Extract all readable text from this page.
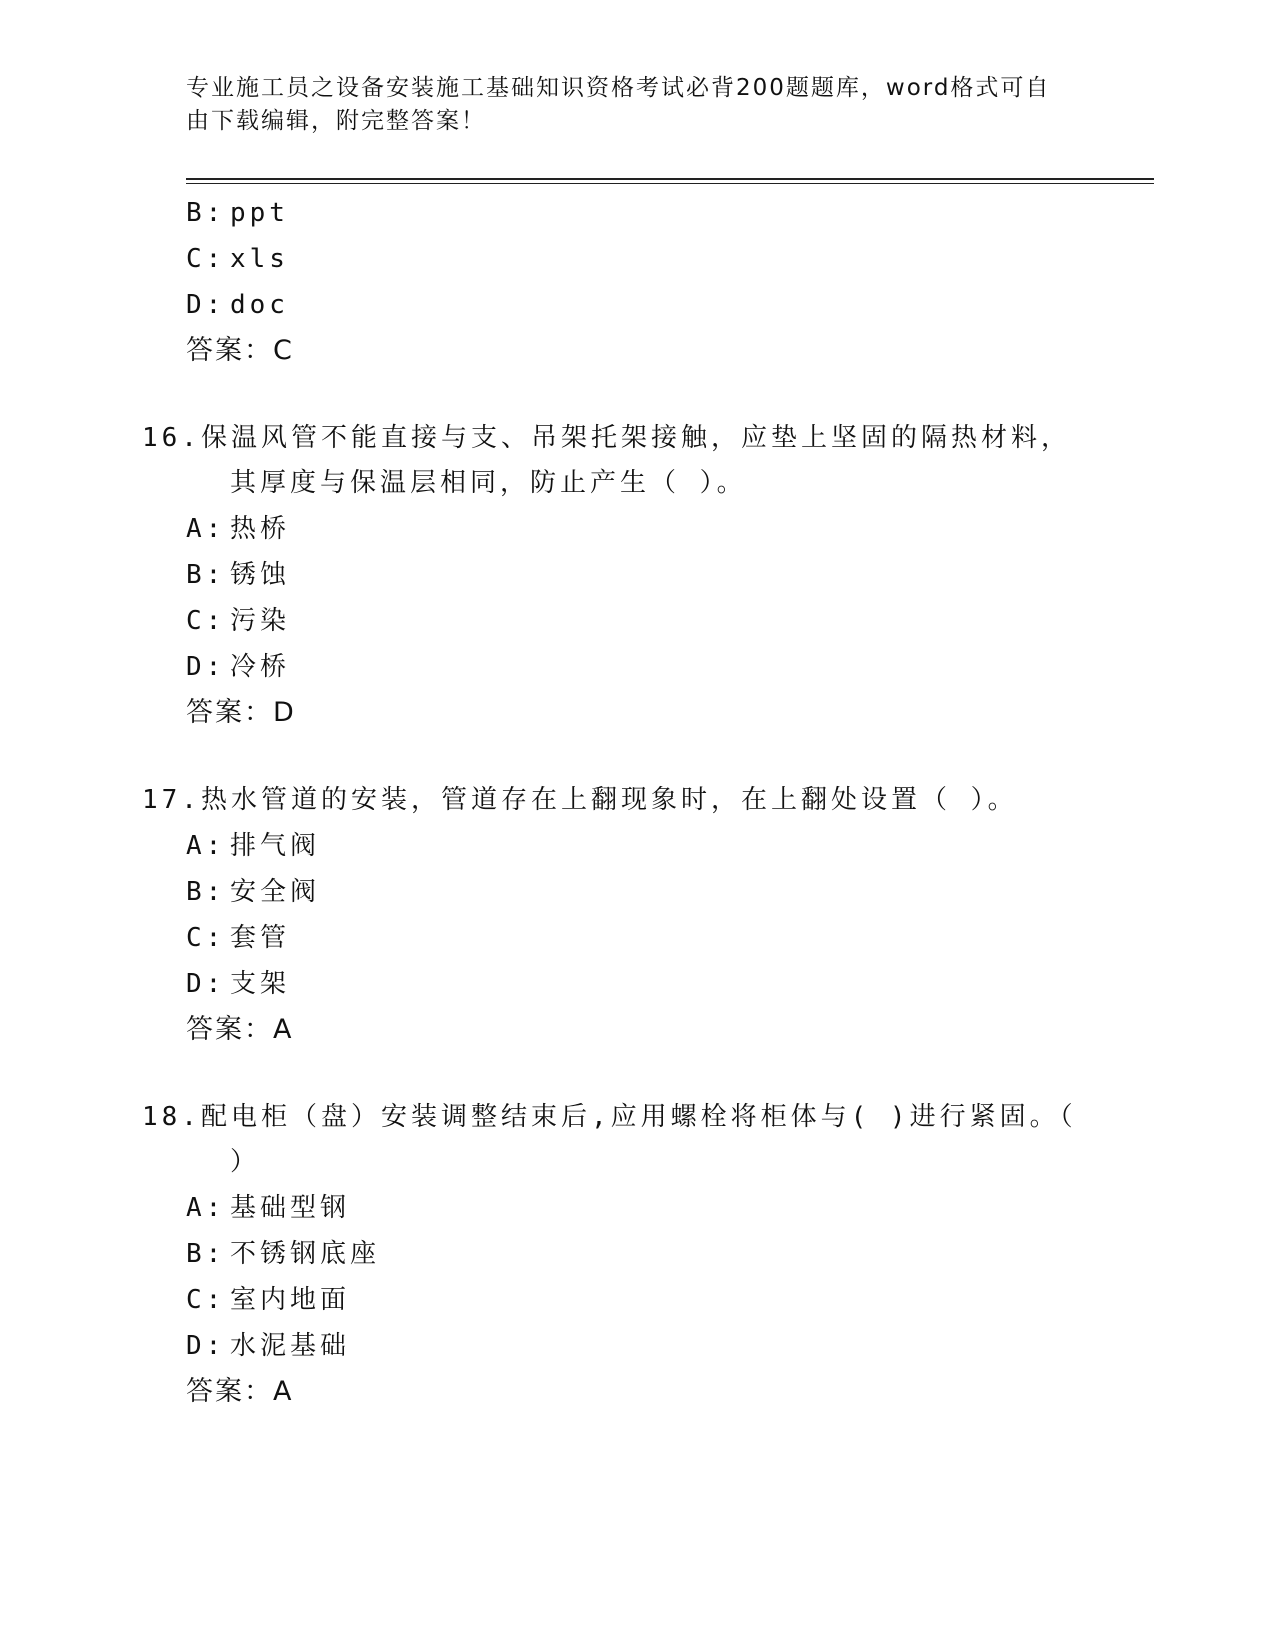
专业施工员之设备安装施工基础知识资格考试必背200题题库，word格式可自由下载编辑，附完整答案！
B: ppt
C: xls
D: doc
答案：C
16.保温风管不能直接与支、吊架托架接触，应垫上坚固的隔热材料，其厚度与保温层相同，防止产生（ ）。
A: 热桥
B: 锈蚀
C: 污染
D: 冷桥
答案：D
17.热水管道的安装，管道存在上翻现象时，在上翻处设置（ ）。
A: 排气阀
B: 安全阀
C: 套管
D: 支架
答案：A
18.配电柜（盘）安装调整结束后,应用螺栓将柜体与( )进行紧固。（ ）
A: 基础型钢
B: 不锈钢底座
C: 室内地面
D: 水泥基础
答案：A
